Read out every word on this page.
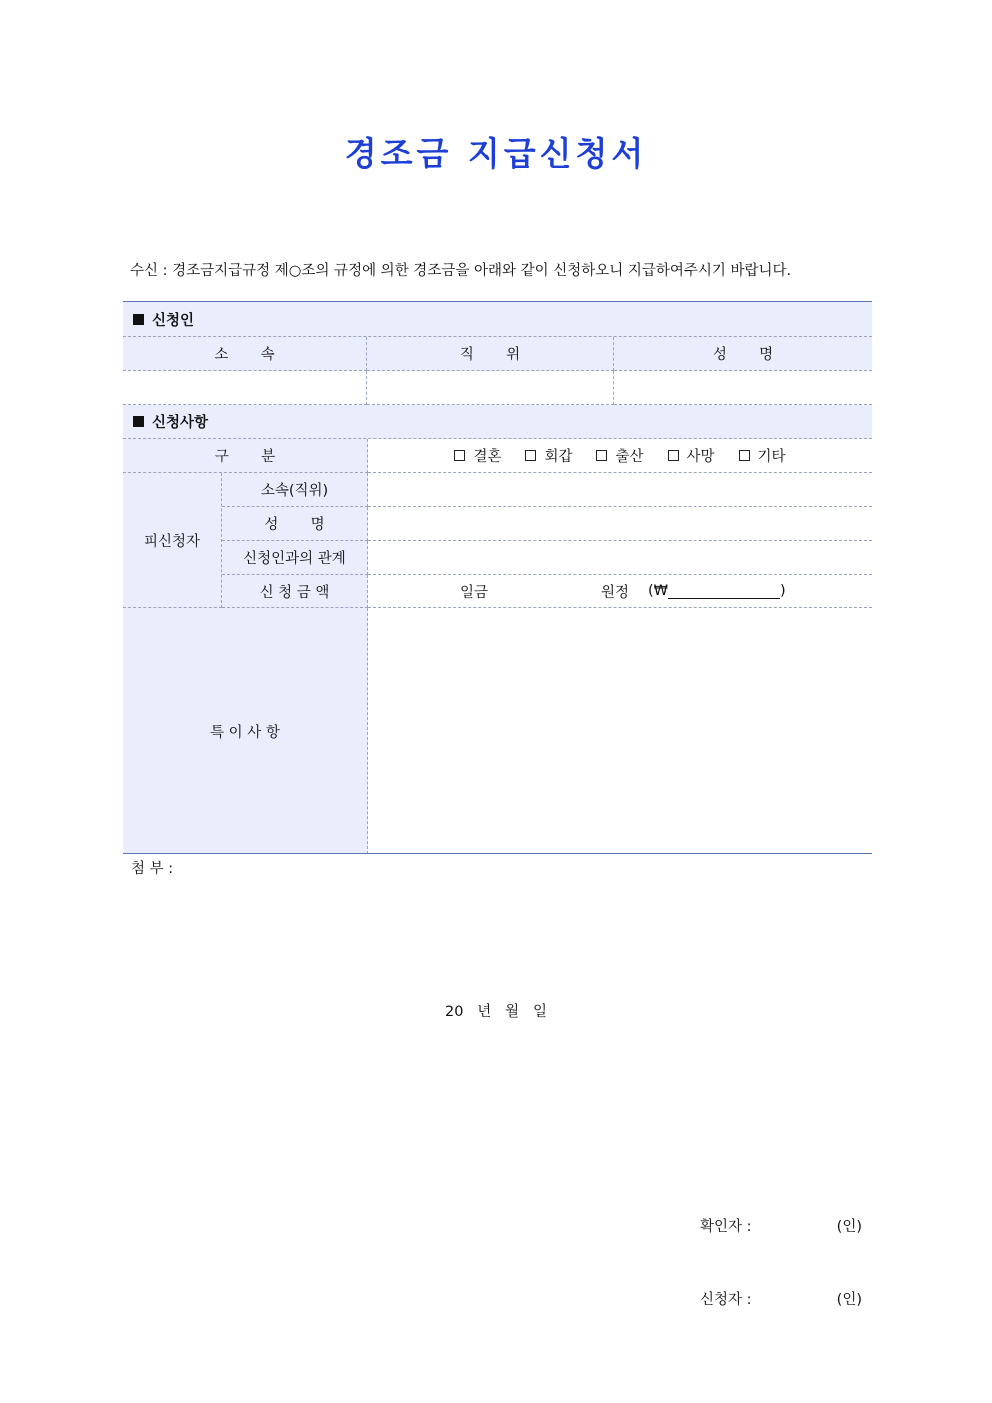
경조금 지급신청서
수신 : 경조금지급규정 제○조의 규정에 의한 경조금을 아래와 같이 신청하오니 지급하여주시기 바랍니다.
신청인
소       속	직       위	성       명
신청사항
구       분	결혼	회갑	출산	사망	기타
피신청자
소속(직위)
성       명
신청인과의 관계
신 청 금 액	일금	원정 (₩	)
특 이 사 항
첨 부 :
20   년   월   일
확인자 :	(인)
신청자 :	(인)
